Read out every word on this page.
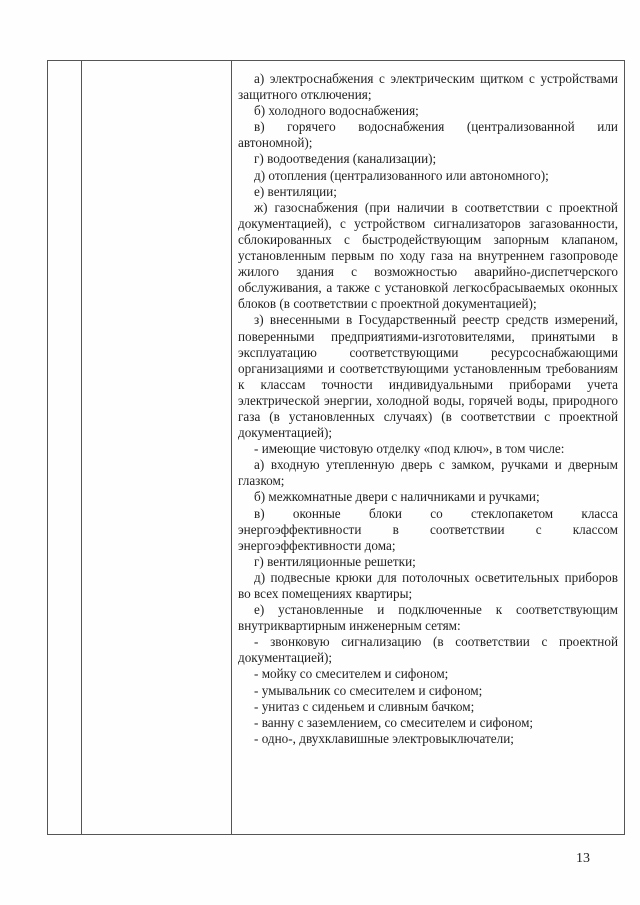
а) электроснабжения с электрическим щитком с устройствами защитного отключения;

б) холодного водоснабжения;

в) горячего водоснабжения (централизованной или автономной);

г) водоотведения (канализации);

д) отопления (централизованного или автономного);

е) вентиляции;

ж) газоснабжения (при наличии в соответствии с проектной документацией), с устройством сигнализаторов загазованности, сблокированных с быстродействующим запорным клапаном, установленным первым по ходу газа на внутреннем газопроводе жилого здания с возможностью аварийно-диспетчерского обслуживания, а также с установкой легкосбрасываемых оконных блоков (в соответствии с проектной документацией);

з) внесенными в Государственный реестр средств измерений, поверенными предприятиями-изготовителями, принятыми в эксплуатацию соответствующими ресурсоснабжающими организациями и соответствующими установленным требованиям к классам точности индивидуальными приборами учета электрической энергии, холодной воды, горячей воды, природного газа (в установленных случаях) (в соответствии с проектной документацией);

- имеющие чистовую отделку «под ключ», в том числе:

а) входную утепленную дверь с замком, ручками и дверным глазком;

б) межкомнатные двери с наличниками и ручками;

в) оконные блоки со стеклопакетом класса энергоэффективности в соответствии с классом энергоэффективности дома;

г) вентиляционные решетки;

д) подвесные крюки для потолочных осветительных приборов во всех помещениях квартиры;

е) установленные и подключенные к соответствующим внутриквартирным инженерным сетям:

- звонковую сигнализацию (в соответствии с проектной документацией);

- мойку со смесителем и сифоном;

- умывальник со смесителем и сифоном;

- унитаз с сиденьем и сливным бачком;

- ванну с заземлением, со смесителем и сифоном;

- одно-, двухклавишные электровыключатели;

13
